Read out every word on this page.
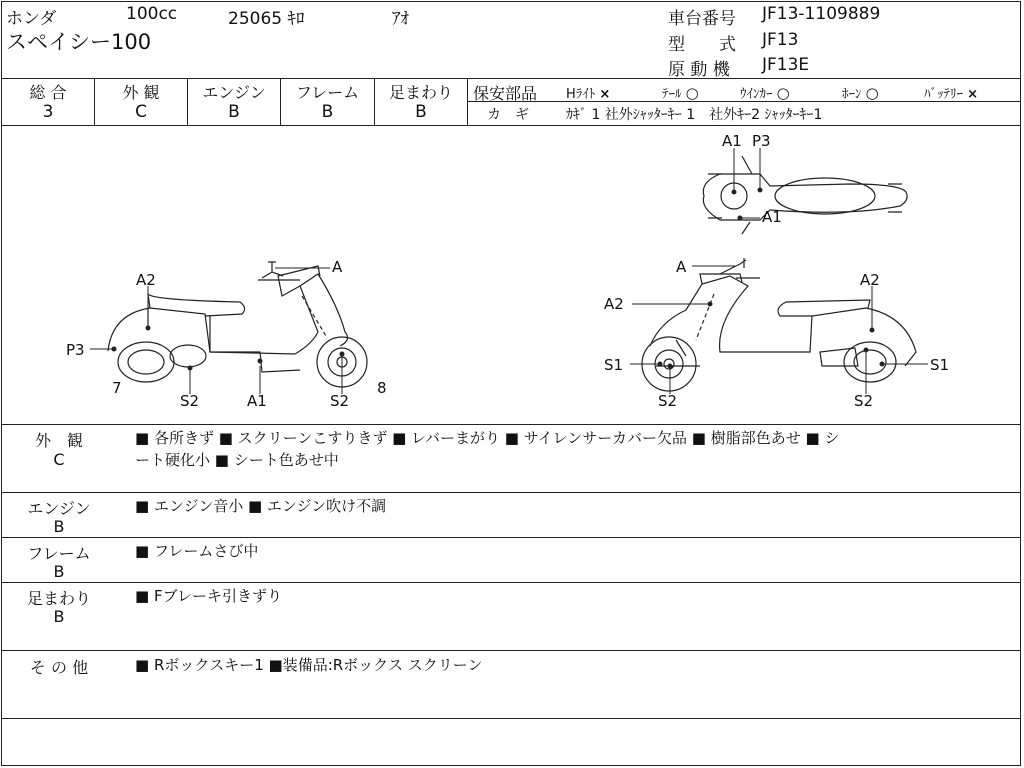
ホンダ	100cc	25065 ｷﾛ	ｱｵ
スペイシー100
車台番号 JF13-1109889
型　　式 JF13
原 動 機 JF13E
総 合
3
外 観
C
エンジン
B
フレーム
B
足まわり
B
保安部品 Hﾗｲﾄ ×	ﾃｰﾙ ○	ｳｲﾝｶｰ ○	ﾎｰﾝ ○	ﾊﾞｯﾃﾘｰ ×
カ　ギ	ｶｷﾞ 1 社外ｼｬｯﾀｰｷｰ 1　社外ｷｰ2 ｼｬｯﾀｰｷｰ1
A
A2
P3
7
S2	A1	S2
8
A1 P3
A1
A
A2
A2
S1	S1
S2	S2
外　観
C
■ 各所きず ■ スクリーンこすりきず ■ レバーまがり ■ サイレンサーカバー欠品 ■ 樹脂部色あせ ■ シ
ート硬化小 ■ シート色あせ中
エンジン
B
■ エンジン音小 ■ エンジン吹け不調
フレーム
B
■ フレームさび中
足まわり
B
■ Fブレーキ引きずり
そ の 他	■ Rボックスキー1 ■装備品:Rボックス スクリーン
